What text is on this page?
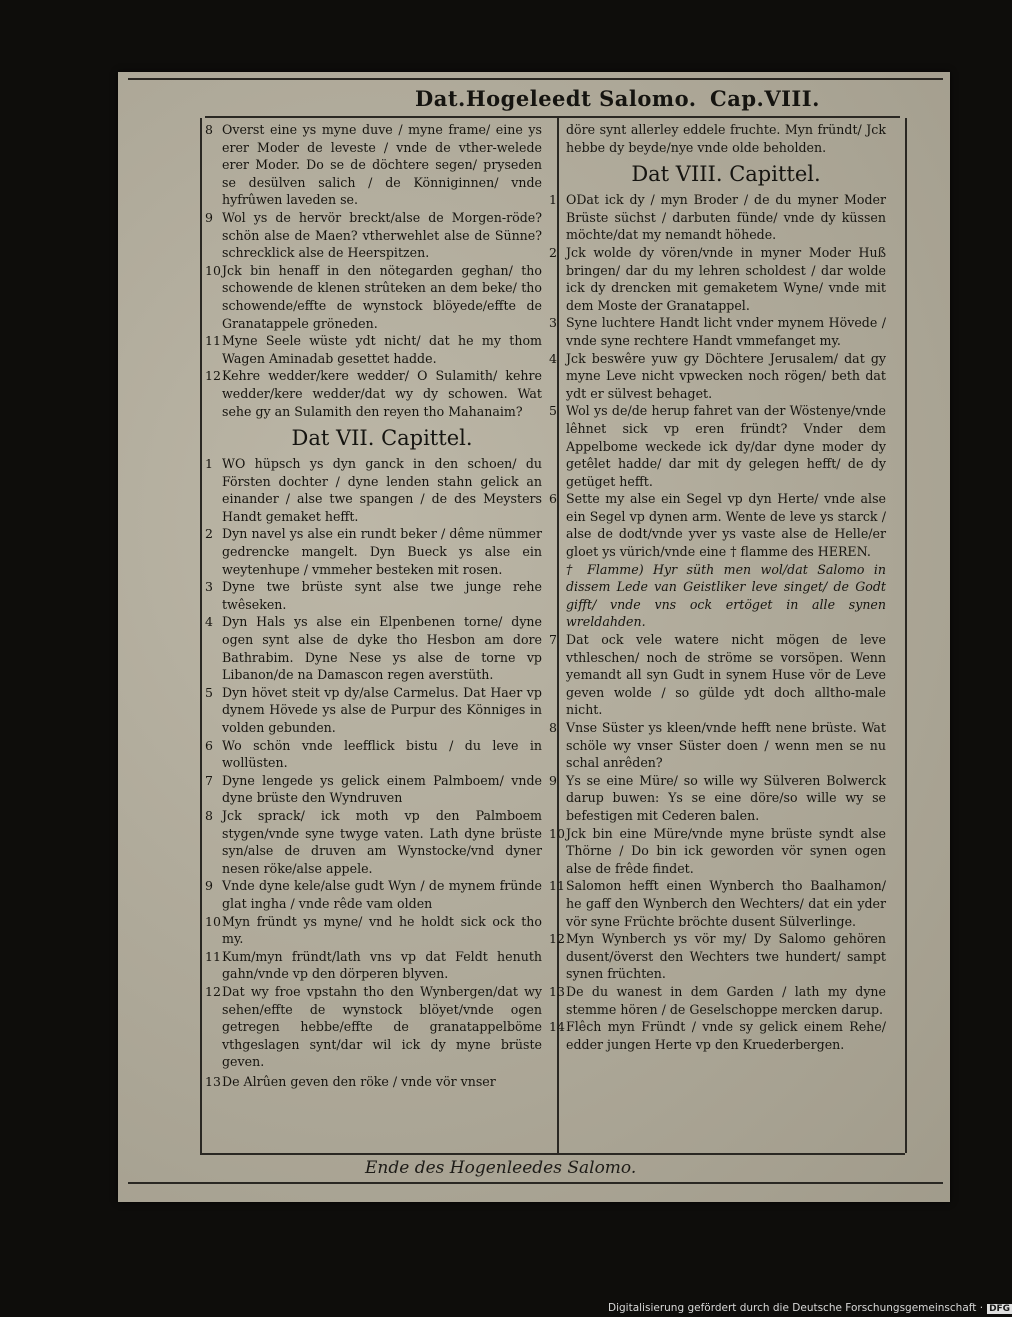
Dat.Hogeleedt Salomo. Cap.VIII.

8 Overst eine ys myne duve / myne frame/ eine ys erer Moder de leveste / vnde de vther-welede erer Moder. Do se de döchtere segen/ pryseden se desülven salich / de Könniginnen/ vnde hyfrûwen laveden se.

9 Wol ys de hervör breckt/alse de Morgen-röde? schön alse de Maen? vtherwehlet alse de Sünne? schrecklick alse de Heerspitzen.

10 Jck bin henaff in den nötegarden geghan/ tho schowende de klenen strûteken an dem beke/ tho schowende/effte de wynstock blöyede/effte de Granatappele gröneden.

11 Myne Seele wüste ydt nicht/ dat he my thom Wagen Aminadab gesettet hadde.

12 Kehre wedder/kere wedder/ O Sulamith/ kehre wedder/kere wedder/dat wy dy schowen. Wat sehe gy an Sulamith den reyen tho Mahanaim?

Dat VII. Capittel.

1 WO hüpsch ys dyn ganck in den schoen/ du Försten dochter / dyne lenden stahn gelick an einander / alse twe spangen / de des Meysters Handt gemaket hefft.

2 Dyn navel ys alse ein rundt beker / dême nümmer gedrencke mangelt. Dyn Bueck ys alse ein weytenhupe / vmmeher besteken mit rosen.

3 Dyne twe brüste synt alse twe junge rehe twêseken.

4 Dyn Hals ys alse ein Elpenbenen torne/ dyne ogen synt alse de dyke tho Hesbon am dore Bathrabim. Dyne Nese ys alse de torne vp Libanon/de na Damascon regen averstüth.

5 Dyn hövet steit vp dy/alse Carmelus. Dat Haer vp dynem Hövede ys alse de Purpur des Könniges in volden gebunden.

6 Wo schön vnde leefflick bistu / du leve in wollüsten.

7 Dyne lengede ys gelick einem Palmboem/ vnde dyne brüste den Wyndruven

8 Jck sprack/ ick moth vp den Palmboem stygen/vnde syne twyge vaten. Lath dyne brüste syn/alse de druven am Wynstocke/vnd dyner nesen röke/alse appele.

9 Vnde dyne kele/alse gudt Wyn / de mynem fründe glat ingha / vnde rêde vam olden

10 Myn fründt ys myne/ vnd he holdt sick ock tho my.

11 Kum/myn fründt/lath vns vp dat Feldt henuth gahn/vnde vp den dörperen blyven.

12 Dat wy froe vpstahn tho den Wynbergen/dat wy sehen/effte de wynstock blöyet/vnde ogen getregen hebbe/effte de granatappelböme vthgeslagen synt/dar wil ick dy myne brüste geven.

13 De Alrûen geven den röke / vnde vör vnser

döre synt allerley eddele fruchte. Myn fründt/ Jck hebbe dy beyde/nye vnde olde beholden.

Dat VIII. Capittel.

1 ODat ick dy / myn Broder / de du myner Moder Brüste süchst / darbuten fünde/ vnde dy küssen möchte/dat my nemandt höhede.

2 Jck wolde dy vören/vnde in myner Moder Huß bringen/ dar du my lehren scholdest / dar wolde ick dy drencken mit gemaketem Wyne/ vnde mit dem Moste der Granatappel.

3 Syne luchtere Handt licht vnder mynem Hövede / vnde syne rechtere Handt vmmefanget my.

4 Jck beswêre yuw gy Döchtere Jerusalem/ dat gy myne Leve nicht vpwecken noch rögen/ beth dat ydt er sülvest behaget.

5 Wol ys de/de herup fahret van der Wöstenye/vnde lêhnet sick vp eren fründt? Vnder dem Appelbome weckede ick dy/dar dyne moder dy getêlet hadde/ dar mit dy gelegen hefft/ de dy getüget hefft.

6 Sette my alse ein Segel vp dyn Herte/ vnde alse ein Segel vp dynen arm. Wente de leve ys starck / alse de dodt/vnde yver ys vaste alse de Helle/er gloet ys vürich/vnde eine † flamme des HEREN.

† Flamme) Hyr süth men wol/dat Salomo in dissem Lede van Geistliker leve singet/ de Godt gifft/ vnde vns ock ertöget in alle synen wreldahden.

7 Dat ock vele watere nicht mögen de leve vthleschen/ noch de ströme se vorsöpen. Wenn yemandt all syn Gudt in synem Huse vör de Leve geven wolde / so gülde ydt doch alltho-male nicht.

8 Vnse Süster ys kleen/vnde hefft nene brüste. Wat schöle wy vnser Süster doen / wenn men se nu schal anrêden?

9 Ys se eine Müre/ so wille wy Sülveren Bolwerck darup buwen: Ys se eine döre/so wille wy se befestigen mit Cederen balen.

10 Jck bin eine Müre/vnde myne brüste syndt alse Thörne / Do bin ick geworden vör synen ogen alse de frêde findet.

11 Salomon hefft einen Wynberch tho Baalhamon/ he gaff den Wynberch den Wechters/ dat ein yder vör syne Früchte bröchte dusent Sülverlinge.

12 Myn Wynberch ys vör my/ Dy Salomo gehören dusent/överst den Wechters twe hundert/ sampt synen früchten.

13 De du wanest in dem Garden / lath my dyne stemme hören / de Geselschoppe mercken darup.

14 Flêch myn Fründt / vnde sy gelick einem Rehe/ edder jungen Herte vp den Kruederbergen.

Ende des Hogenleedes Salomo.
Digitalisierung gefördert durch die Deutsche Forschungsgemeinschaft · DFG
